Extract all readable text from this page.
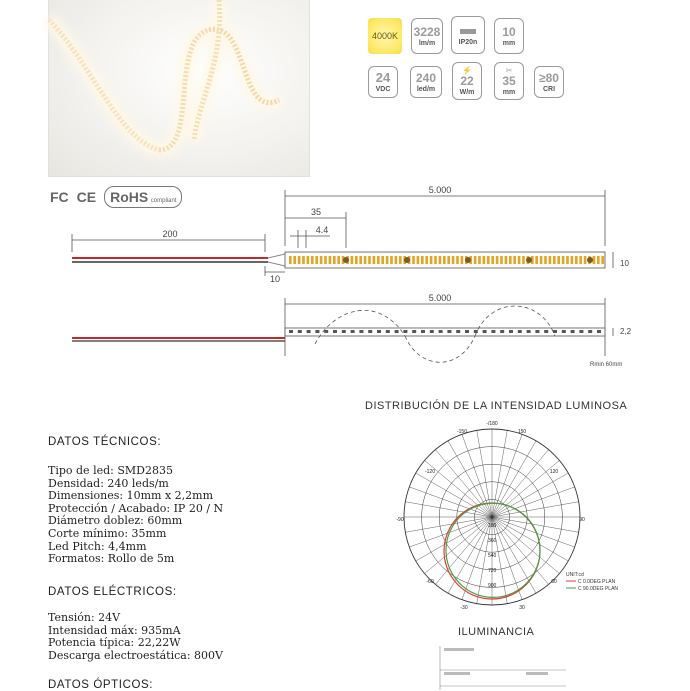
4000K 3228
lm/m	IP20n
10
mm
24
VDC
240
led/m
⚡
22
W/m
✂
35
mm
≥80
CRI
FC CE	RoHS compliant
5.000
35
4.4
200
10
10
5.000
2,2
Rmin 60mm
DISTRIBUCIÓN DE LA INTENSIDAD LUMINOSA
-/180
-150	150
-120	120
-90	90
-60	60
-30	30
180
360
540
720
900
UNIT:cd
C 0.0DEG PLAN
C 90.0DEG PLAN
ILUMINANCIA
DATOS TÉCNICOS:
Tipo de led: SMD2835
Densidad: 240 leds/m
Dimensiones: 10mm x 2,2mm
Protección / Acabado: IP 20 / N
Diámetro doblez: 60mm
Corte mínimo: 35mm
Led Pitch: 4,4mm
Formatos: Rollo de 5m
DATOS ELÉCTRICOS:
Tensión: 24V
Intensidad máx: 935mA
Potencia típica: 22,22W
Descarga electroestática: 800V
DATOS ÓPTICOS:
